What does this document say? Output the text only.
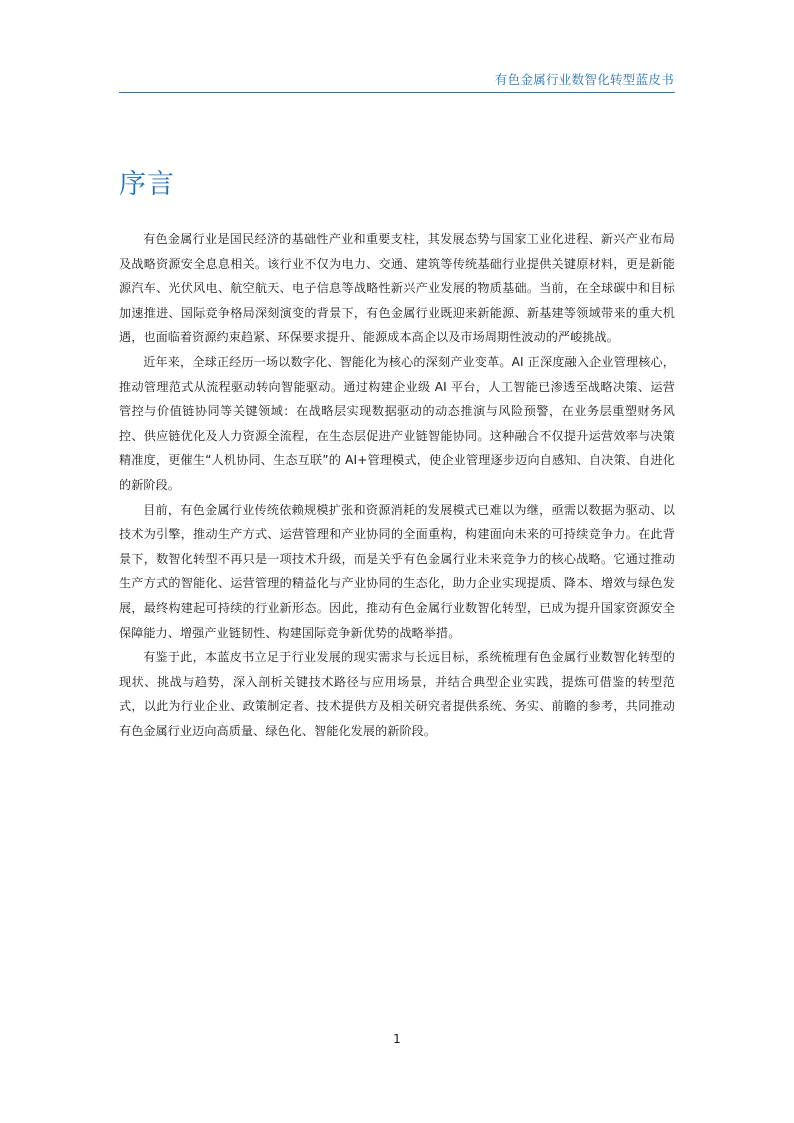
有色金属行业数智化转型蓝皮书
序言

有色金属行业是国民经济的基础性产业和重要支柱，其发展态势与国家工业化进程、新兴产业布局及战略资源安全息息相关。该行业不仅为电力、交通、建筑等传统基础行业提供关键原材料，更是新能源汽车、光伏风电、航空航天、电子信息等战略性新兴产业发展的物质基础。当前，在全球碳中和目标加速推进、国际竞争格局深刻演变的背景下，有色金属行业既迎来新能源、新基建等领域带来的重大机遇，也面临着资源约束趋紧、环保要求提升、能源成本高企以及市场周期性波动的严峻挑战。

近年来，全球正经历一场以数字化、智能化为核心的深刻产业变革。AI 正深度融入企业管理核心，推动管理范式从流程驱动转向智能驱动。通过构建企业级 AI 平台，人工智能已渗透至战略决策、运营管控与价值链协同等关键领域：在战略层实现数据驱动的动态推演与风险预警，在业务层重塑财务风控、供应链优化及人力资源全流程，在生态层促进产业链智能协同。这种融合不仅提升运营效率与决策精准度，更催生“人机协同、生态互联”的 AI+管理模式，使企业管理逐步迈向自感知、自决策、自进化的新阶段。

目前，有色金属行业传统依赖规模扩张和资源消耗的发展模式已难以为继，亟需以数据为驱动、以技术为引擎，推动生产方式、运营管理和产业协同的全面重构，构建面向未来的可持续竞争力。在此背景下，数智化转型不再只是一项技术升级，而是关乎有色金属行业未来竞争力的核心战略。它通过推动生产方式的智能化、运营管理的精益化与产业协同的生态化，助力企业实现提质、降本、增效与绿色发展，最终构建起可持续的行业新形态。因此，推动有色金属行业数智化转型，已成为提升国家资源安全保障能力、增强产业链韧性、构建国际竞争新优势的战略举措。

有鉴于此，本蓝皮书立足于行业发展的现实需求与长远目标，系统梳理有色金属行业数智化转型的现状、挑战与趋势，深入剖析关键技术路径与应用场景，并结合典型企业实践，提炼可借鉴的转型范式，以此为行业企业、政策制定者、技术提供方及相关研究者提供系统、务实、前瞻的参考，共同推动有色金属行业迈向高质量、绿色化、智能化发展的新阶段。

1
